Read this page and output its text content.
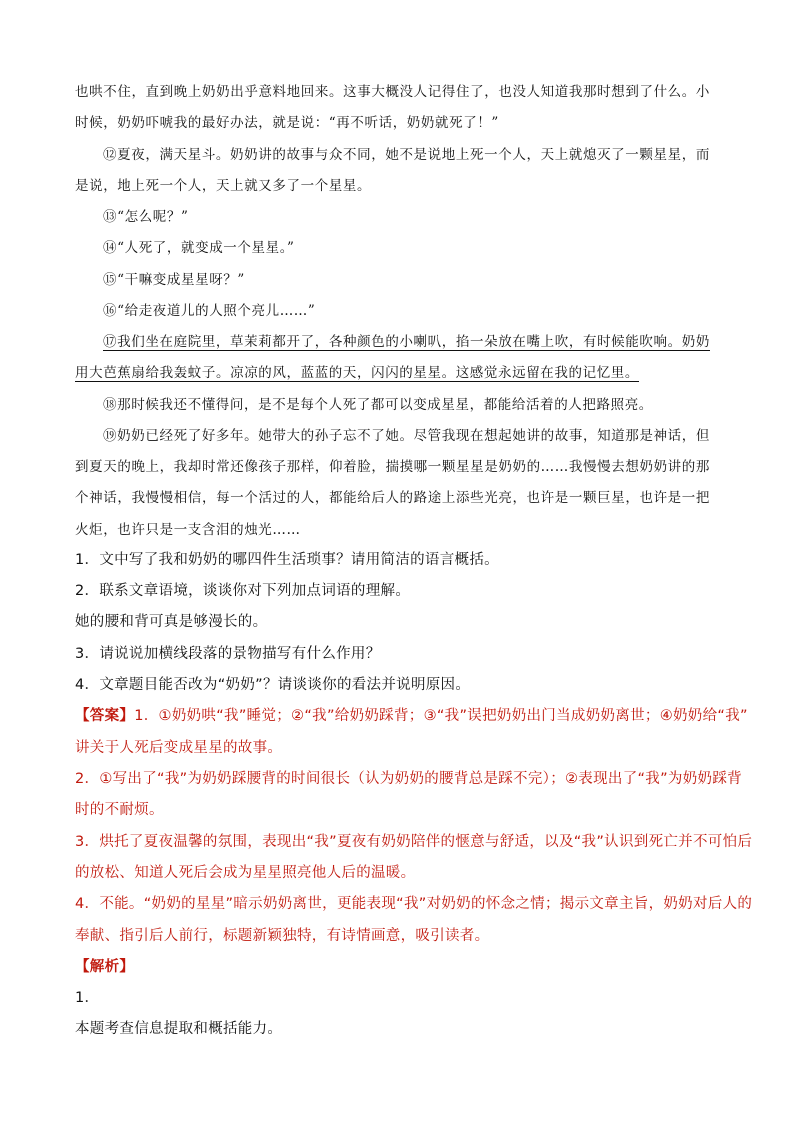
也哄不住，直到晚上奶奶出乎意料地回来。这事大概没人记得住了，也没人知道我那时想到了什么。小
时候，奶奶吓唬我的最好办法，就是说：“再不听话，奶奶就死了！”
⑫夏夜，满天星斗。奶奶讲的故事与众不同，她不是说地上死一个人，天上就熄灭了一颗星星，而
是说，地上死一个人，天上就又多了一个星星。
⑬“怎么呢？”
⑭“人死了，就变成一个星星。”
⑮“干嘛变成星星呀？”
⑯“给走夜道儿的人照个亮儿……”
⑰我们坐在庭院里，草茉莉都开了，各种颜色的小喇叭，掐一朵放在嘴上吹，有时候能吹响。奶奶
用大芭蕉扇给我轰蚊子。凉凉的风，蓝蓝的天，闪闪的星星。这感觉永远留在我的记忆里。
⑱那时候我还不懂得问，是不是每个人死了都可以变成星星，都能给活着的人把路照亮。
⑲奶奶已经死了好多年。她带大的孙子忘不了她。尽管我现在想起她讲的故事，知道那是神话，但
到夏天的晚上，我却时常还像孩子那样，仰着脸，揣摸哪一颗星星是奶奶的……我慢慢去想奶奶讲的那
个神话，我慢慢相信，每一个活过的人，都能给后人的路途上添些光亮，也许是一颗巨星，也许是一把
火炬，也许只是一支含泪的烛光……
1．文中写了我和奶奶的哪四件生活琐事？请用简洁的语言概括。
2．联系文章语境，谈谈你对下列加点词语的理解。
她的腰和背可真是够漫长的。
3．请说说加横线段落的景物描写有什么作用？
4．文章题目能否改为“奶奶”？请谈谈你的看法并说明原因。
【答案】1．①奶奶哄“我”睡觉；②“我”给奶奶踩背；③“我”误把奶奶出门当成奶奶离世；④奶奶给“我”
讲关于人死后变成星星的故事。
2．①写出了“我”为奶奶踩腰背的时间很长（认为奶奶的腰背总是踩不完）；②表现出了“我”为奶奶踩背
时的不耐烦。
3．烘托了夏夜温馨的氛围，表现出“我”夏夜有奶奶陪伴的惬意与舒适，以及“我”认识到死亡并不可怕后
的放松、知道人死后会成为星星照亮他人后的温暖。
4．不能。“奶奶的星星”暗示奶奶离世，更能表现“我”对奶奶的怀念之情；揭示文章主旨，奶奶对后人的
奉献、指引后人前行，标题新颖独特，有诗情画意，吸引读者。
【解析】
1．
本题考查信息提取和概括能力。
